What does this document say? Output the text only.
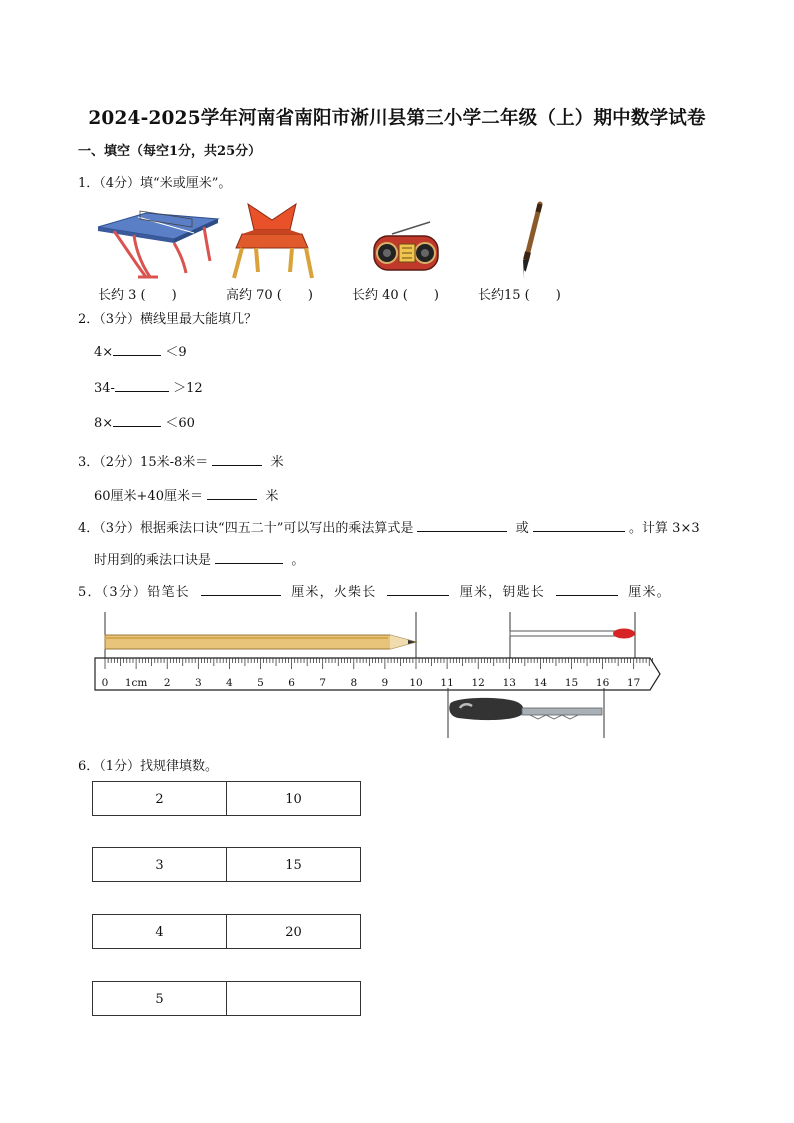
2024-2025学年河南省南阳市淅川县第三小学二年级（上）期中数学试卷
一、填空（每空1分，共25分）
1．（4分）填“米或厘米”。
长约 3 (　　)	高约 70 (　　)	长约 40 (　　)	长约15 (　　)
2．（3分）横线里最大能填几？
4×	＜9
34-	＞12
8×	＜60
3．（2分）15米-8米＝	米
60厘米+40厘米＝	米
4．（3分）根据乘法口诀“四五二十”可以写出的乘法算式是	或	。计算 3×3
时用到的乘法口诀是	。
5．（3分）铅笔长	厘米，火柴长	厘米，钥匙长	厘米。
0 1cm 2 3 4 5 6 7 8 9 10 11 12 13 14 15 16 17
6．（1分）找规律填数。
2	10
3	15
4	20
5
